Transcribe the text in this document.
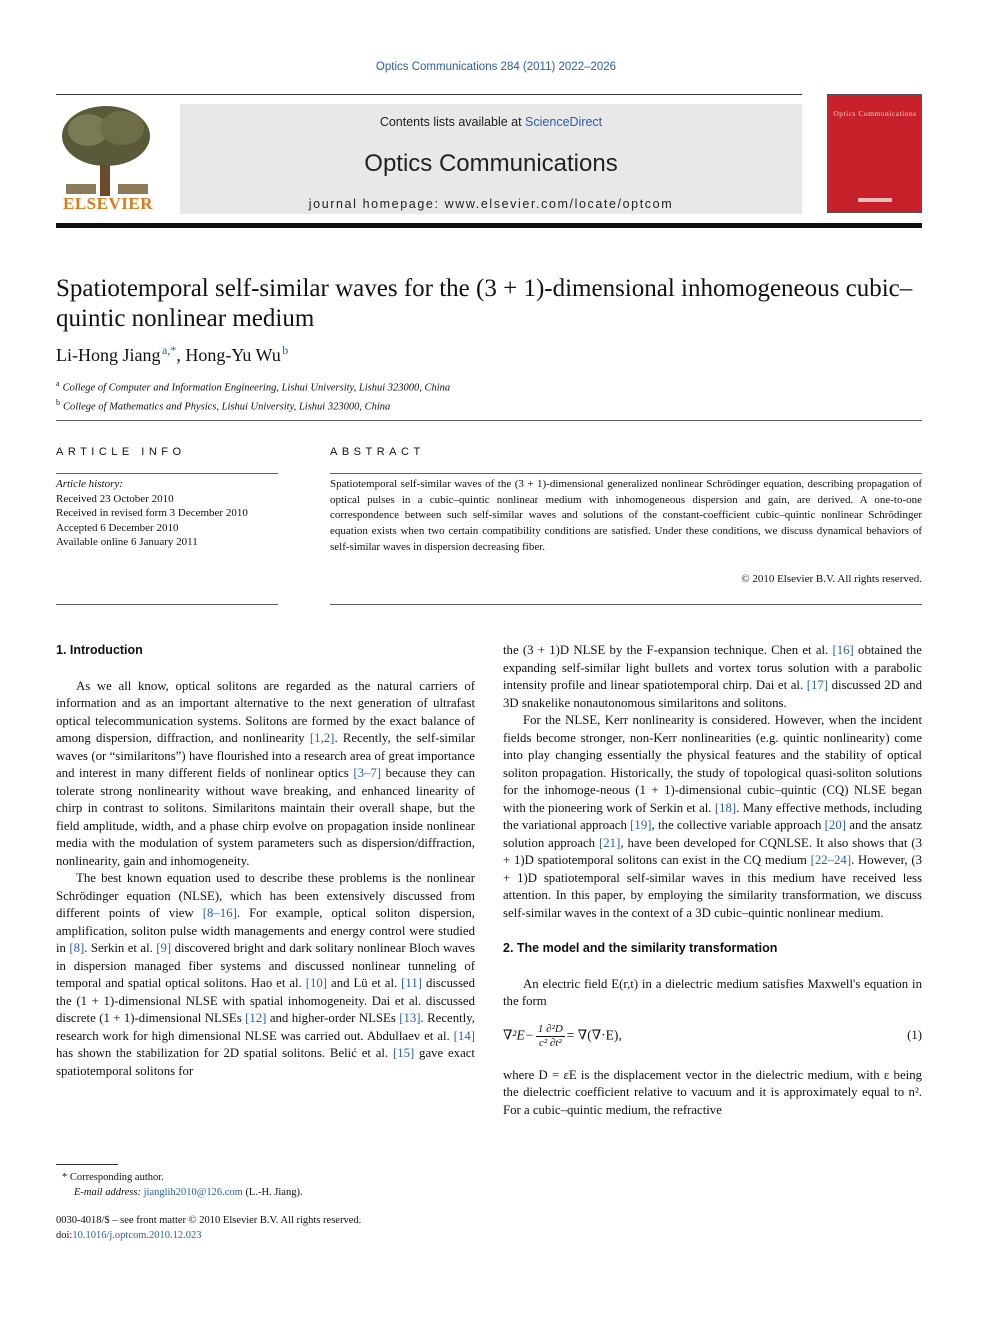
Optics Communications 284 (2011) 2022–2026
ELSEVIER
Contents lists available at ScienceDirect
Optics Communications
journal homepage: www.elsevier.com/locate/optcom
Optics Communications
Spatiotemporal self-similar waves for the (3 + 1)-dimensional inhomogeneous cubic–quintic nonlinear medium
Li-Hong Jiang  $^{a,*}$, Hong-Yu Wu  $^b$
$^a$ College of Computer and Information Engineering, Lishui University, Lishui 323000, China
$^b$ College of Mathematics and Physics, Lishui University, Lishui 323000, China
ARTICLE INFO	ABSTRACT
Article history:
Received 23 October 2010
Received in revised form 3 December 2010
Accepted 6 December 2010
Available online 6 January 2011
Spatiotemporal self-similar waves of the (3 + 1)-dimensional generalized nonlinear Schrödinger equation, describing propagation of optical pulses in a cubic–quintic nonlinear medium with inhomogeneous dispersion and gain, are derived. A one-to-one correspondence between such self-similar waves and solutions of the constant-coefficient cubic–quintic nonlinear Schrödinger equation exists when two certain compatibility conditions are satisfied. Under these conditions, we discuss dynamical behaviors of self-similar waves in dispersion decreasing fiber.
© 2010 Elsevier B.V. All rights reserved.

1. Introduction

As we all know, optical solitons are regarded as the natural carriers of information and as an important alternative to the next generation of ultrafast optical telecommunication systems. Solitons are formed by the exact balance of among dispersion, diffraction, and nonlinearity [1,2]. Recently, the self-similar waves (or “similaritons”) have flourished into a research area of great importance and interest in many different fields of nonlinear optics [3–7] because they can tolerate strong nonlinearity without wave breaking, and enhanced linearity of chirp in contrast to solitons. Similaritons maintain their overall shape, but the field amplitude, width, and a phase chirp evolve on propagation inside nonlinear media with the modulation of system parameters such as dispersion/diffraction, nonlinearity, gain and inhomogeneity.

The best known equation used to describe these problems is the nonlinear Schrödinger equation (NLSE), which has been extensively discussed from different points of view [8–16]. For example, optical soliton dispersion, amplification, soliton pulse width managements and energy control were studied in [8]. Serkin et al. [9] discovered bright and dark solitary nonlinear Bloch waves in dispersion managed fiber systems and discussed nonlinear tunneling of temporal and spatial optical solitons. Hao et al. [10] and Lü et al. [11] discussed the (1 + 1)-dimensional NLSE with spatial inhomogeneity. Dai et al. discussed discrete (1 + 1)-dimensional NLSEs [12] and higher-order NLSEs [13]. Recently, research work for high dimensional NLSE was carried out. Abdullaev et al. [14] has shown the stabilization for 2D spatial solitons. Belić et al. [15] gave exact spatiotemporal solitons for

the (3 + 1)D NLSE by the F-expansion technique. Chen et al. [16] obtained the expanding self-similar light bullets and vortex torus solution with a parabolic intensity profile and linear spatiotemporal chirp. Dai et al. [17] discussed 2D and 3D snakelike nonautonomous similaritons and solitons.

For the NLSE, Kerr nonlinearity is considered. However, when the incident fields become stronger, non-Kerr nonlinearities (e.g. quintic nonlinearity) come into play changing essentially the physical features and the stability of optical soliton propagation. Historically, the study of topological quasi-soliton solutions for the inhomoge-neous (1 + 1)-dimensional cubic–quintic (CQ) NLSE began with the pioneering work of Serkin et al. [18]. Many effective methods, including the variational approach [19], the collective variable approach [20] and the ansatz solution approach [21], have been developed for CQNLSE. It also shows that (3 + 1)D spatiotemporal solitons can exist in the CQ medium [22–24]. However, (3 + 1)D spatiotemporal self-similar waves in this medium have received less attention. In this paper, by employing the similarity transformation, we discuss self-similar waves in the context of a 3D cubic–quintic nonlinear medium.

2. The model and the similarity transformation

An electric field E(r,t) in a dielectric medium satisfies Maxwell's equation in the form

$\nabla^2E- \frac{\text{1 ∂²D}}{\text{c² ∂t²}} = \nabla(\nabla\cdot E)$,	(1)

where D = εE is the displacement vector in the dielectric medium, with ε being the dielectric coefficient relative to vacuum and it is approximately equal to n². For a cubic–quintic medium, the refractive

* Corresponding author.
E-mail address: jianglih2010@126.com (L.-H. Jiang).
0030-4018/$ – see front matter © 2010 Elsevier B.V. All rights reserved.
doi:10.1016/j.optcom.2010.12.023
